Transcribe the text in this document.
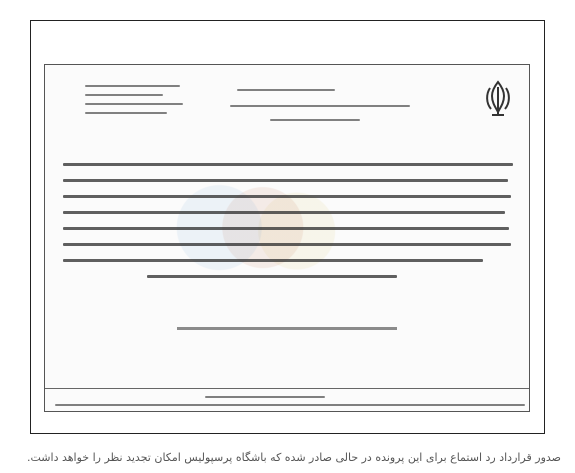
صدور قرارداد رد استماع برای این پرونده در حالی صادر شده که باشگاه پرسپولیس امکان تجدید نظر را خواهد داشت.
